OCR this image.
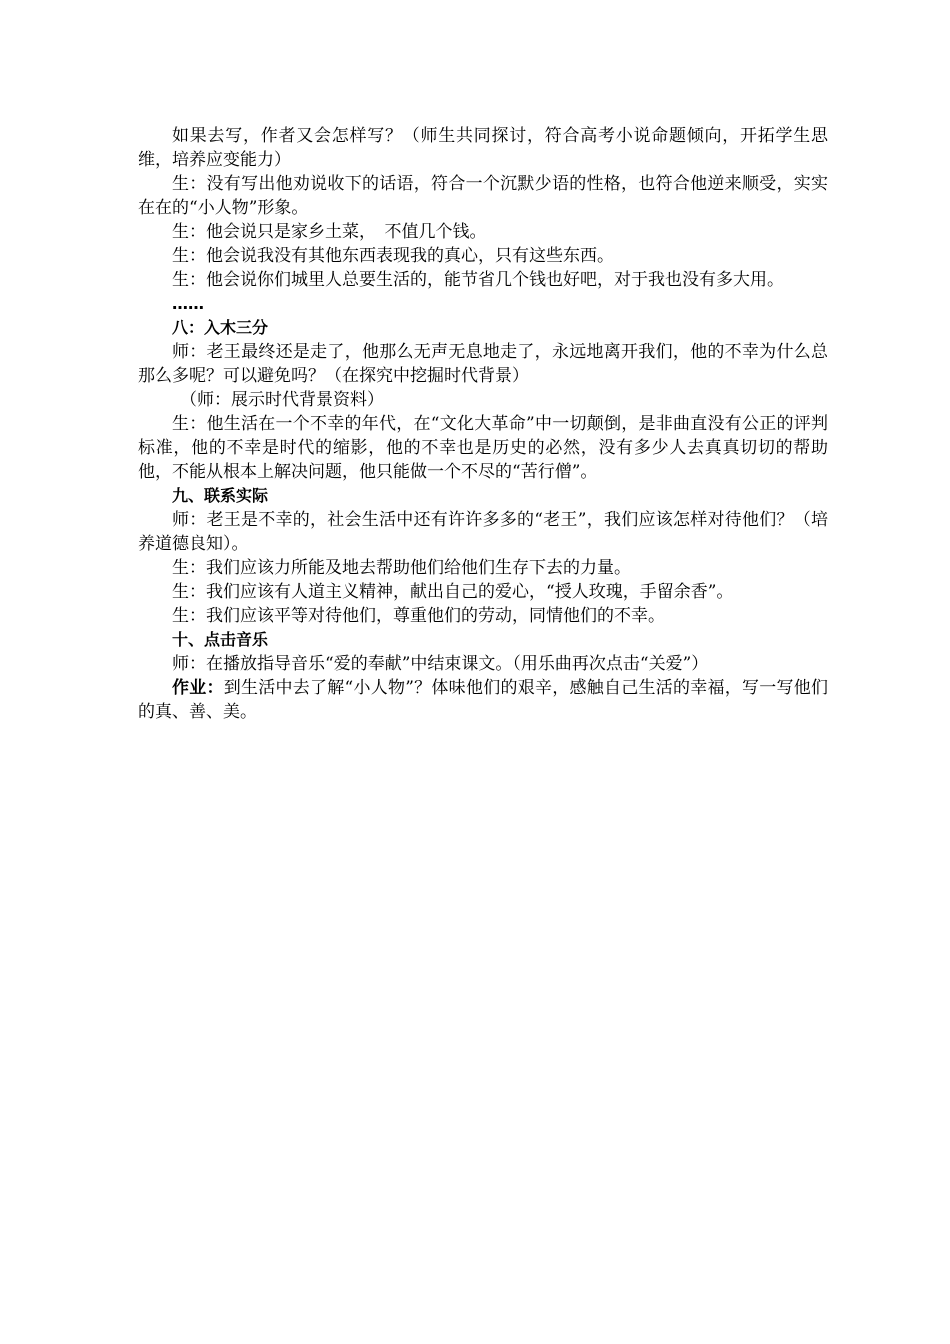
如果去写，作者又会怎样写？（师生共同探讨，符合高考小说命题倾向，开拓学生思维，培养应变能力）

生：没有写出他劝说收下的话语，符合一个沉默少语的性格，也符合他逆来顺受，实实在在的“小人物”形象。

生：他会说只是家乡土菜，　不值几个钱。

生：他会说我没有其他东西表现我的真心，只有这些东西。

生：他会说你们城里人总要生活的，能节省几个钱也好吧，对于我也没有多大用。

……

八：入木三分

师：老王最终还是走了，他那么无声无息地走了，永远地离开我们，他的不幸为什么总那么多呢？可以避免吗？（在探究中挖掘时代背景）

（师：展示时代背景资料）

生：他生活在一个不幸的年代，在“文化大革命”中一切颠倒，是非曲直没有公正的评判标准，他的不幸是时代的缩影，他的不幸也是历史的必然，没有多少人去真真切切的帮助他，不能从根本上解决问题，他只能做一个不尽的“苦行僧”。

九、联系实际

师：老王是不幸的，社会生活中还有许许多多的“老王”，我们应该怎样对待他们？（培养道德良知）。

生：我们应该力所能及地去帮助他们给他们生存下去的力量。

生：我们应该有人道主义精神，献出自己的爱心，“授人玫瑰，手留余香”。

生：我们应该平等对待他们，尊重他们的劳动，同情他们的不幸。

十、点击音乐

师：在播放指导音乐“爱的奉献”中结束课文。（用乐曲再次点击“关爱”）

作业：到生活中去了解“小人物”？体味他们的艰辛，感触自己生活的幸福，写一写他们的真、善、美。
